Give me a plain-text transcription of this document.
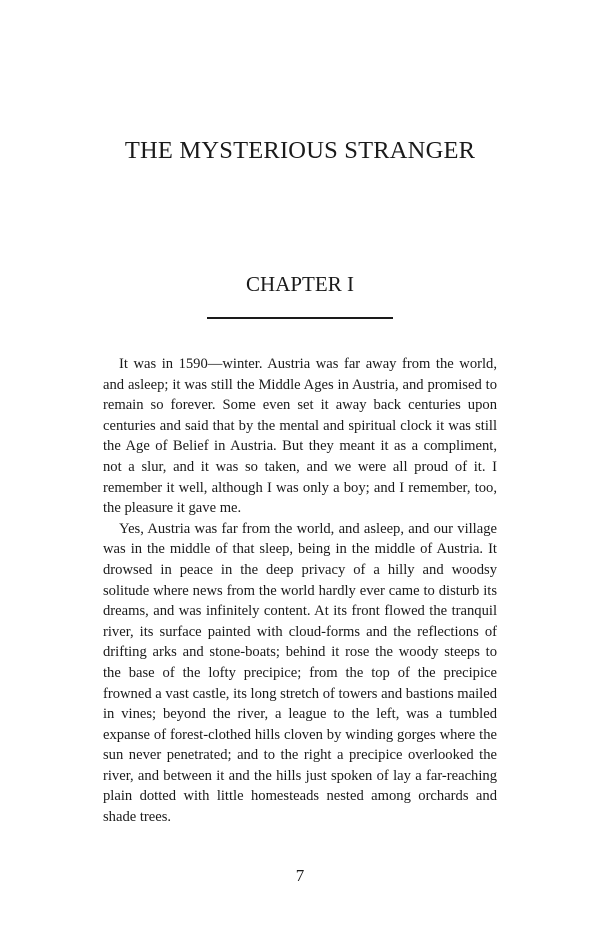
THE MYSTERIOUS STRANGER
CHAPTER I

It was in 1590—winter. Austria was far away from the world, and asleep; it was still the Middle Ages in Austria, and promised to remain so forever. Some even set it away back centuries upon centuries and said that by the mental and spiritual clock it was still the Age of Belief in Austria. But they meant it as a compliment, not a slur, and it was so taken, and we were all proud of it. I remember it well, although I was only a boy; and I remember, too, the pleasure it gave me.

Yes, Austria was far from the world, and asleep, and our village was in the middle of that sleep, being in the middle of Austria. It drowsed in peace in the deep privacy of a hilly and woodsy solitude where news from the world hardly ever came to disturb its dreams, and was infinitely content. At its front flowed the tranquil river, its surface painted with cloud-forms and the reflections of drifting arks and stone-boats; behind it rose the woody steeps to the base of the lofty precipice; from the top of the precipice frowned a vast castle, its long stretch of towers and bastions mailed in vines; beyond the river, a league to the left, was a tumbled expanse of forest-clothed hills cloven by winding gorges where the sun never penetrated; and to the right a precipice overlooked the river, and between it and the hills just spoken of lay a far-reaching plain dotted with little homesteads nested among orchards and shade trees.

7
